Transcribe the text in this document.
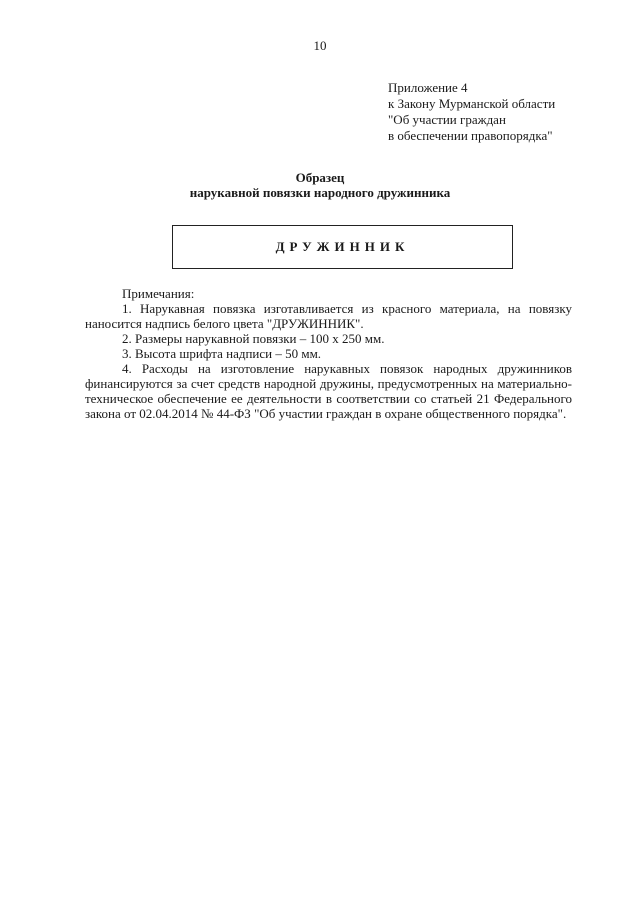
10
Приложение 4
к Закону Мурманской области
"Об участии граждан
в обеспечении правопорядка"
Образец
нарукавной повязки народного дружинника
ДРУЖИННИК

Примечания:

1. Нарукавная повязка изготавливается из красного материала, на повязку наносится надпись белого цвета "ДРУЖИННИК".

2. Размеры нарукавной повязки – 100 х 250 мм.

3. Высота шрифта надписи – 50 мм.

4. Расходы на изготовление нарукавных повязок народных дружинников финансируются за счет средств народной дружины, предусмотренных на материально-техническое обеспечение ее деятельности в соответствии со статьей 21 Федерального закона от 02.04.2014 № 44-ФЗ "Об участии граждан в охране общественного порядка".
